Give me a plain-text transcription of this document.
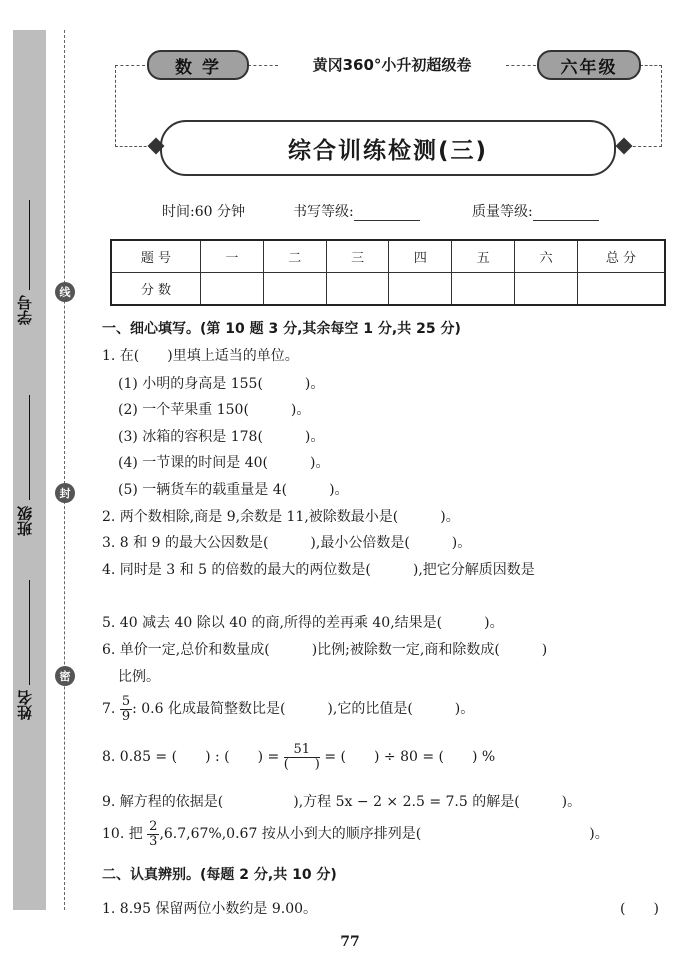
学号
班级
姓名
线
封
密
数 学	黄冈360°小升初超级卷	六年级
综合训练检测(三)
时间:60 分钟	书写等级:	质量等级:
题 号	一	二	三	四	五	六	总 分
分 数							
一、细心填写。(第 10 题 3 分,其余每空 1 分,共 25 分)
1. 在(　　)里填上适当的单位。
(1) 小明的身高是 155(　　　)。
(2) 一个苹果重 150(　　　)。
(3) 冰箱的容积是 178(　　　)。
(4) 一节课的时间是 40(　　　)。
(5) 一辆货车的载重量是 4(　　　)。
2. 两个数相除,商是 9,余数是 11,被除数最小是(　　　)。
3. 8 和 9 的最大公因数是(　　　),最小公倍数是(　　　)。
4. 同时是 3 和 5 的倍数的最大的两位数是(　　　),把它分解质因数是
5. 40 减去 40 除以 40 的商,所得的差再乘 40,结果是(　　　)。
6. 单价一定,总价和数量成(　　　)比例;被除数一定,商和除数成(　　　)
比例。
7. $\frac{5}{9}$ : 0.6 化成最简整数比是(　　　),它的比值是(　　　)。
8. 0.85 = (　　) : (　　) = $\frac{51}{( )}$ = (　　) ÷ 80 = (　　) %
9. 解方程的依据是(　　　　　),方程 5x − 2 × 2.5 = 7.5 的解是(　　　)。
10. 把 $\frac{2}{3}$ ,6.7,67%,0.6̇7̇ 按从小到大的顺序排列是(　　　　　　　　　　　　)。
二、认真辨别。(每题 2 分,共 10 分)
1. 8.9̇5̇ 保留两位小数约是 9.00。	(　　)
77
